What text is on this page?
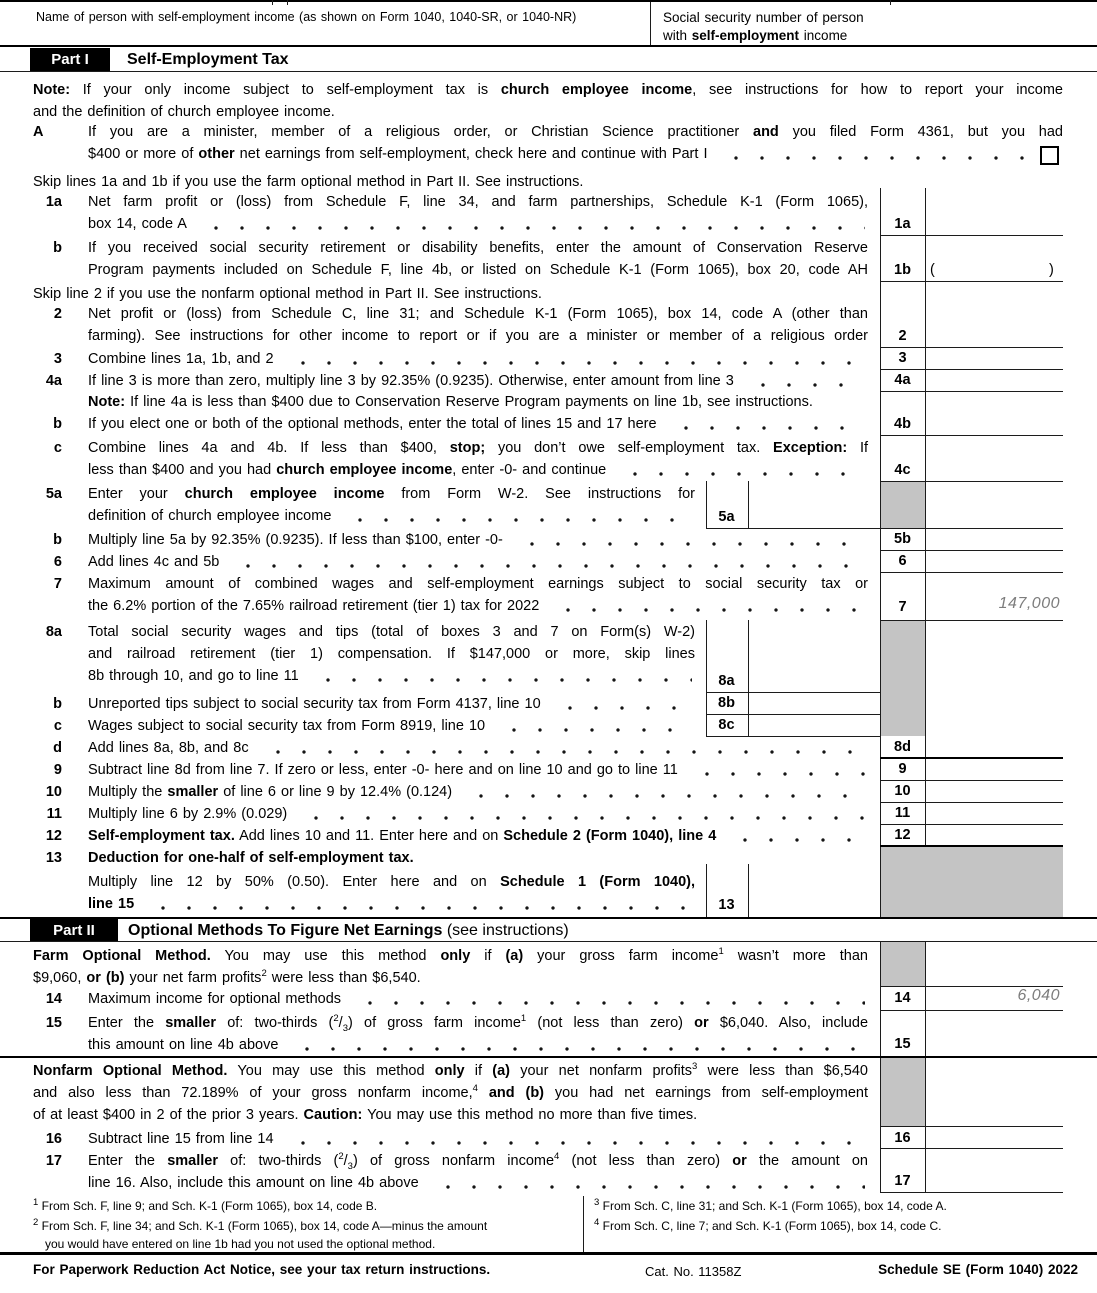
Name of person with self-employment income (as shown on Form 1040, 1040-SR, or 1040-NR)	Social security number of person
with self-employment income
Part I	Self-Employment Tax
Note: If your only income subject to self-employment tax is church employee income, see instructions for how to report your income
and the definition of church employee income.
A	If you are a minister, member of a religious order, or Christian Science practitioner and you filed Form 4361, but you had
$400 or more of other net earnings from self-employment, check here and continue with Part I
Skip lines 1a and 1b if you use the farm optional method in Part II. See instructions.
1a Net farm profit or (loss) from Schedule F, line 34, and farm partnerships, Schedule K-1 (Form 1065),
box 14, code A	1a
b If you received social security retirement or disability benefits, enter the amount of Conservation Reserve
Program payments included on Schedule F, line 4b, or listed on Schedule K-1 (Form 1065), box 20, code AH	1b	(	)
Skip line 2 if you use the nonfarm optional method in Part II. See instructions.
2 Net profit or (loss) from Schedule C, line 31; and Schedule K-1 (Form 1065), box 14, code A (other than
farming). See instructions for other income to report or if you are a minister or member of a religious order	2
3 Combine lines 1a, 1b, and 2	3
4a If line 3 is more than zero, multiply line 3 by 92.35% (0.9235). Otherwise, enter amount from line 3	4a
Note: If line 4a is less than $400 due to Conservation Reserve Program payments on line 1b, see instructions.
b If you elect one or both of the optional methods, enter the total of lines 15 and 17 here	4b
c Combine lines 4a and 4b. If less than $400, stop; you don’t owe self-employment tax. Exception: If
less than $400 and you had church employee income, enter -0- and continue	4c
5a Enter your church employee income from Form W-2. See instructions for
definition of church employee income	5a
b Multiply line 5a by 92.35% (0.9235). If less than $100, enter -0-	5b
6 Add lines 4c and 5b	6
7 Maximum amount of combined wages and self-employment earnings subject to social security tax or
the 6.2% portion of the 7.65% railroad retirement (tier 1) tax for 2022	7	147,000
8a Total social security wages and tips (total of boxes 3 and 7 on Form(s) W-2)
and railroad retirement (tier 1) compensation. If $147,000 or more, skip lines
8b through 10, and go to line 11	8a
b Unreported tips subject to social security tax from Form 4137, line 10	8b
c Wages subject to social security tax from Form 8919, line 10	8c
d Add lines 8a, 8b, and 8c	8d
9 Subtract line 8d from line 7. If zero or less, enter -0- here and on line 10 and go to line 11	9
10 Multiply the smaller of line 6 or line 9 by 12.4% (0.124)	10
11 Multiply line 6 by 2.9% (0.029)	11
12 Self-employment tax. Add lines 10 and 11. Enter here and on Schedule 2 (Form 1040), line 4	12
13 Deduction for one-half of self-employment tax.
Multiply line 12 by 50% (0.50). Enter here and on Schedule 1 (Form 1040),
line 15	13
Part II	Optional Methods To Figure Net Earnings (see instructions)
Farm Optional Method. You may use this method only if (a) your gross farm income$^1$ wasn’t more than
$9,060, or (b) your net farm profits$^2$ were less than $6,540.
14 Maximum income for optional methods	14	6,040
15 Enter the smaller of: two-thirds $(^2/_3)$ of gross farm income$^1$ (not less than zero) or $6,040. Also, include
this amount on line 4b above	15
Nonfarm Optional Method. You may use this method only if (a) your net nonfarm profits$^3$ were less than $6,540
and also less than 72.189% of your gross nonfarm income,$^4$ and (b) you had net earnings from self-employment
of at least $400 in 2 of the prior 3 years. Caution: You may use this method no more than five times.
16 Subtract line 15 from line 14	16
17 Enter the smaller of: two-thirds $(^2/_3)$ of gross nonfarm income$^4$ (not less than zero) or the amount on
line 16. Also, include this amount on line 4b above	17
$^1$ From Sch. F, line 9; and Sch. K-1 (Form 1065), box 14, code B.
$^2$ From Sch. F, line 34; and Sch. K-1 (Form 1065), box 14, code A—minus the amount
you would have entered on line 1b had you not used the optional method.
$^3$ From Sch. C, line 31; and Sch. K-1 (Form 1065), box 14, code A.
$^4$ From Sch. C, line 7; and Sch. K-1 (Form 1065), box 14, code C.
For Paperwork Reduction Act Notice, see your tax return instructions.	Cat. No. 11358Z	Schedule SE (Form 1040) 2022
